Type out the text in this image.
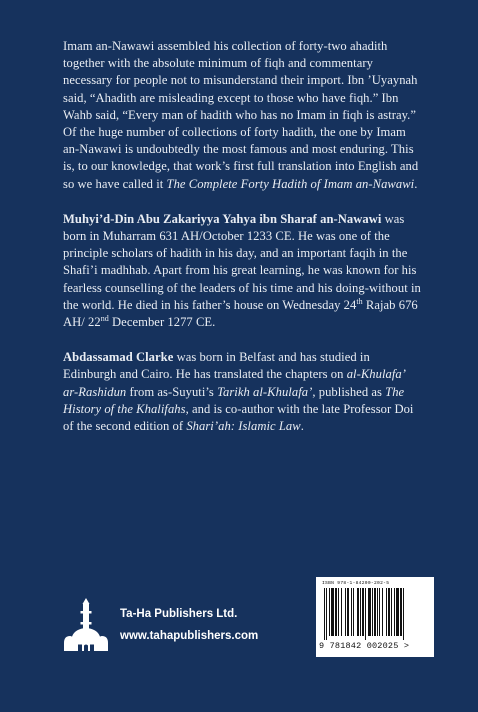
Imam an-Nawawi assembled his collection of forty-two ahadith together with the absolute minimum of fiqh and commentary necessary for people not to misunderstand their import. Ibn ’Uyaynah said, “Ahadith are misleading except to those who have fiqh.” Ibn Wahb said, “Every man of hadith who has no Imam in fiqh is astray.” Of the huge number of collections of forty hadith, the one by Imam an-Nawawi is undoubtedly the most famous and most enduring. This is, to our knowledge, that work’s first full translation into English and so we have called it The Complete Forty Hadith of Imam an-Nawawi.

Muhyi’d-Din Abu Zakariyya Yahya ibn Sharaf an-Nawawi was born in Muharram 631 AH/October 1233 CE. He was one of the principle scholars of hadith in his day, and an important faqih in the Shafi’i madhhab. Apart from his great learning, he was known for his fearless counselling of the leaders of his time and his doing-without in the world. He died in his father’s house on Wednesday 24th Rajab 676 AH/ 22nd December 1277 CE.

Abdassamad Clarke was born in Belfast and has studied in Edinburgh and Cairo. He has translated the chapters on al-Khulafa’ ar-Rashidun from as-Suyuti’s Tarikh al-Khulafa’, published as The History of the Khalifahs, and is co-author with the late Professor Doi of the second edition of Shari’ah: Islamic Law.

Ta-Ha Publishers Ltd.
www.tahapublishers.com
ISBN 978-1-84200-202-5
9 781842 002025 >
